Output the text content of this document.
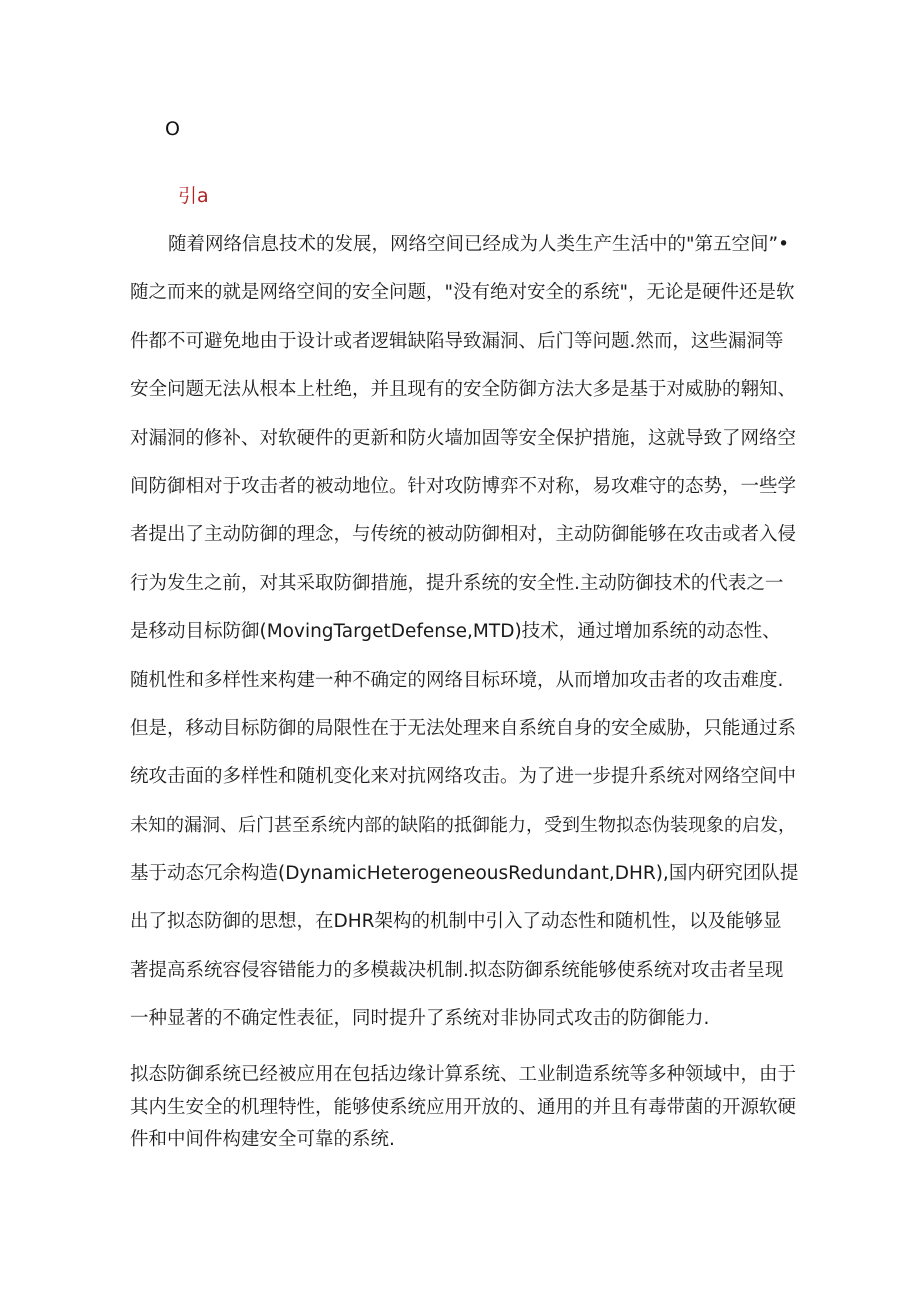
O
引a
随着网络信息技术的发展，网络空间已经成为人类生产生活中的"第五空间”•
随之而来的就是网络空间的安全问题，"没有绝对安全的系统"，无论是硬件还是软
件都不可避免地由于设计或者逻辑缺陷导致漏洞、后门等问题.然而，这些漏洞等
安全问题无法从根本上杜绝，并且现有的安全防御方法大多是基于对威胁的翱知、
对漏洞的修补、对软硬件的更新和防火墙加固等安全保护措施，这就导致了网络空
间防御相对于攻击者的被动地位。针对攻防博弈不对称，易攻难守的态势，一些学
者提出了主动防御的理念，与传统的被动防御相对，主动防御能够在攻击或者入侵
行为发生之前，对其采取防御措施，提升系统的安全性.主动防御技术的代表之一
是移动目标防御(MovingTargetDefense,MTD)技术，通过增加系统的动态性、
随机性和多样性来构建一种不确定的网络目标环境，从而增加攻击者的攻击难度.
但是，移动目标防御的局限性在于无法处理来自系统自身的安全威胁，只能通过系
统攻击面的多样性和随机变化来对抗网络攻击。为了进一步提升系统对网络空间中
未知的漏洞、后门甚至系统内部的缺陷的抵御能力，受到生物拟态伪装现象的启发，
基于动态冗余构造(DynamicHeterogeneousRedundant,DHR),国内研究团队提
出了拟态防御的思想，在DHR架构的机制中引入了动态性和随机性，以及能够显
著提高系统容侵容错能力的多模裁决机制.拟态防御系统能够使系统对攻击者呈现
一种显著的不确定性表征，同时提升了系统对非协同式攻击的防御能力.
拟态防御系统已经被应用在包括边缘计算系统、工业制造系统等多种领域中，由于
其内生安全的机理特性，能够使系统应用开放的、通用的并且有毒带菌的开源软硬
件和中间件构建安全可靠的系统.
